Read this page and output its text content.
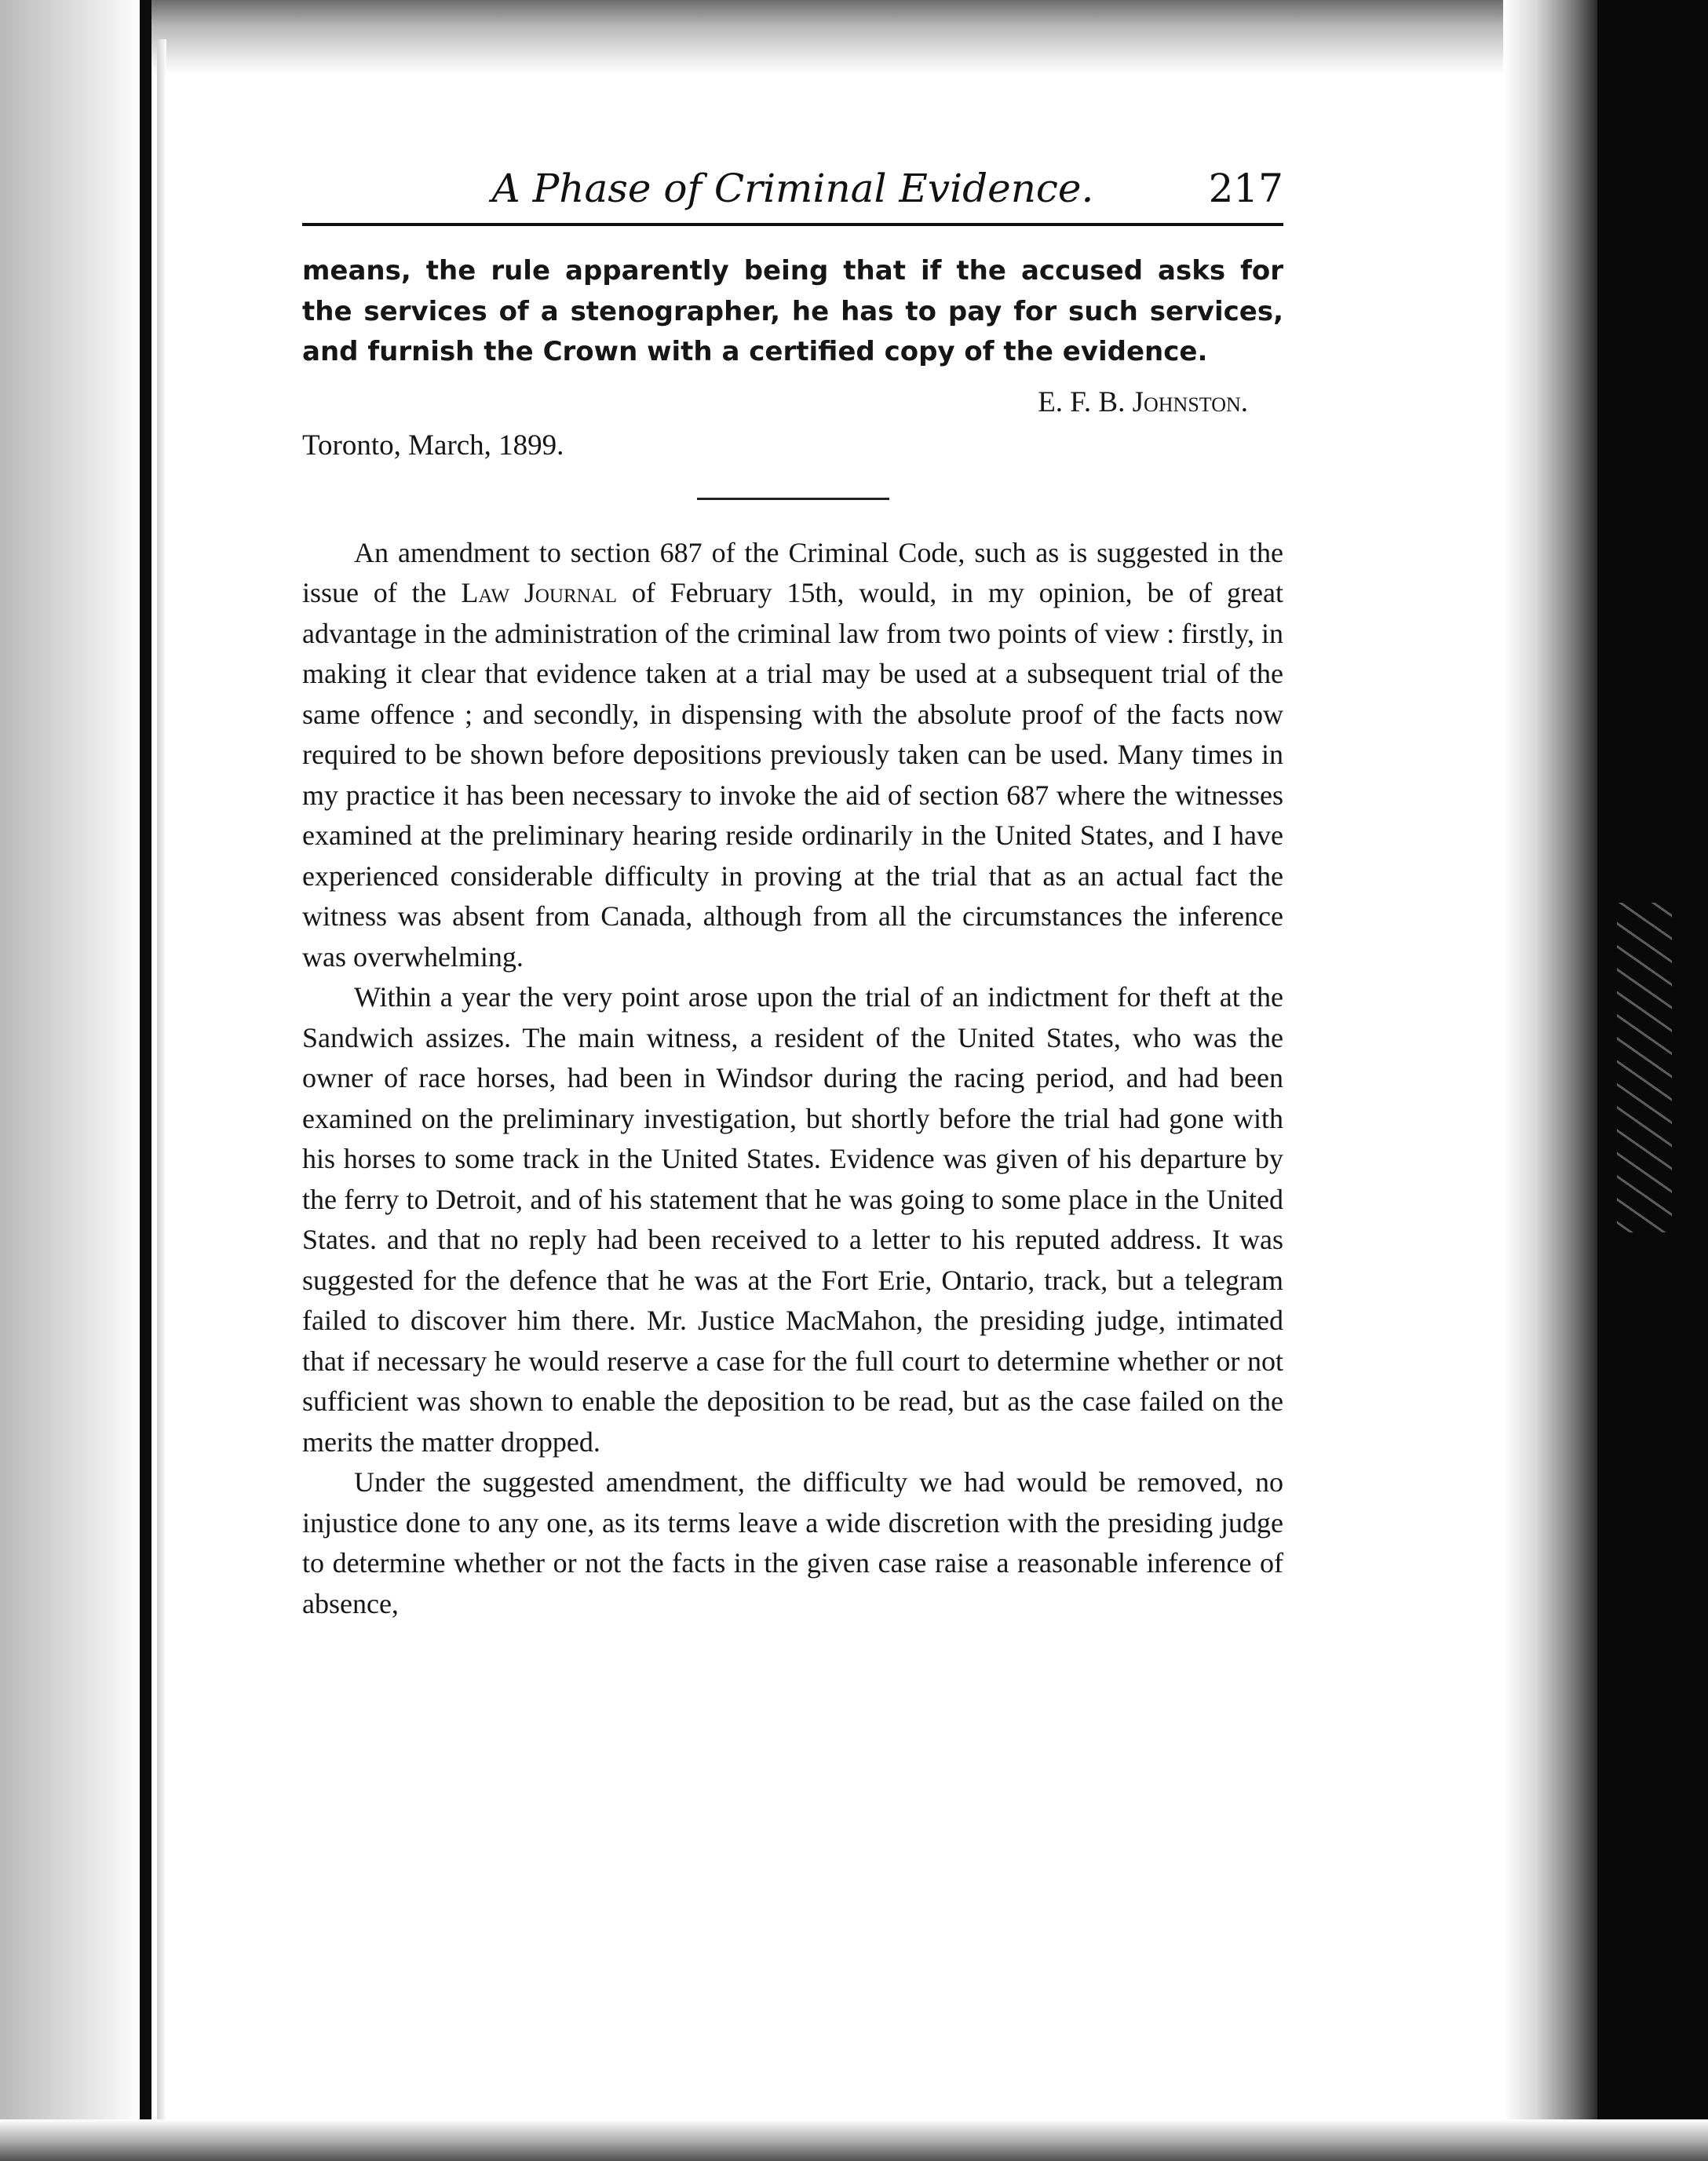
A Phase of Criminal Evidence.	217

means, the rule apparently being that if the accused asks for the services of a stenographer, he has to pay for such services, and furnish the Crown with a certified copy of the evidence.

E. F. B. Johnston.
Toronto, March, 1899.

An amendment to section 687 of the Criminal Code, such as is suggested in the issue of the Law Journal of February 15th, would, in my opinion, be of great advantage in the administration of the criminal law from two points of view : firstly, in making it clear that evidence taken at a trial may be used at a subsequent trial of the same offence ; and secondly, in dispensing with the absolute proof of the facts now required to be shown before depositions previously taken can be used. Many times in my practice it has been necessary to invoke the aid of section 687 where the witnesses examined at the preliminary hearing reside ordinarily in the United States, and I have experienced considerable difficulty in proving at the trial that as an actual fact the witness was absent from Canada, although from all the circumstances the inference was overwhelming.

Within a year the very point arose upon the trial of an indictment for theft at the Sandwich assizes. The main witness, a resident of the United States, who was the owner of race horses, had been in Windsor during the racing period, and had been examined on the preliminary investigation, but shortly before the trial had gone with his horses to some track in the United States. Evidence was given of his departure by the ferry to Detroit, and of his statement that he was going to some place in the United States. and that no reply had been received to a letter to his reputed address. It was suggested for the defence that he was at the Fort Erie, Ontario, track, but a telegram failed to discover him there. Mr. Justice MacMahon, the presiding judge, intimated that if necessary he would reserve a case for the full court to determine whether or not sufficient was shown to enable the deposition to be read, but as the case failed on the merits the matter dropped.

Under the suggested amendment, the difficulty we had would be removed, no injustice done to any one, as its terms leave a wide discretion with the presiding judge to determine whether or not the facts in the given case raise a reasonable inference of absence,
